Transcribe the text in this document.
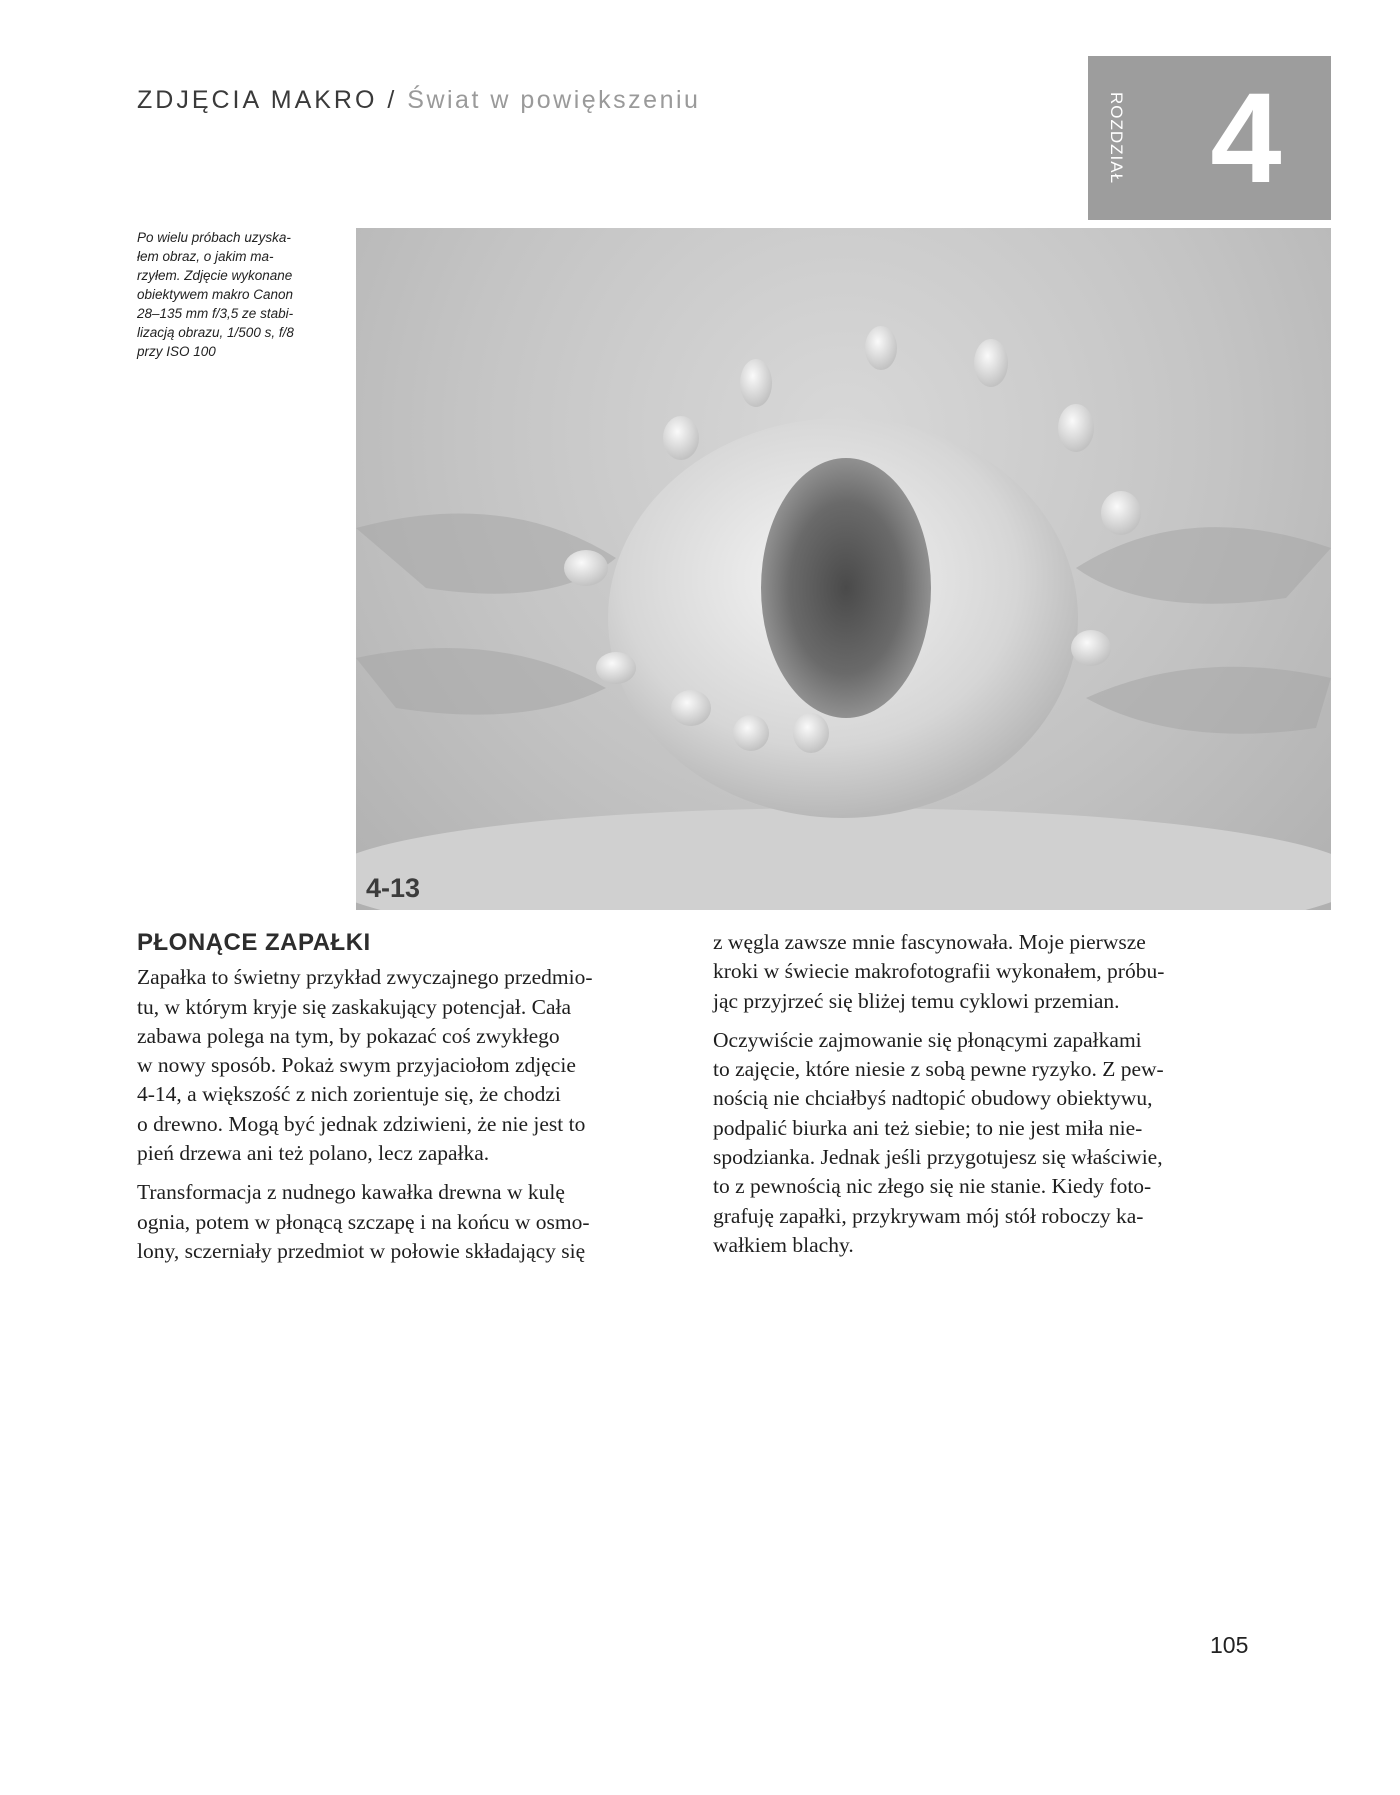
ZDJĘCIA MAKRO / Świat w powiększeniu	ROZDZIAŁ 4
Po wielu próbach uzyska-
łem obraz, o jakim ma-
rzyłem. Zdjęcie wykonane
obiektywem makro Canon
28–135 mm f/3,5 ze stabi-
lizacją obrazu, 1/500 s, f/8
przy ISO 100
4-13
PŁONĄCE ZAPAŁKI

Zapałka to świetny przykład zwyczajnego przedmio-
tu, w którym kryje się zaskakujący potencjał. Cała
zabawa polega na tym, by pokazać coś zwykłego
w nowy sposób. Pokaż swym przyjaciołom zdjęcie
4-14, a większość z nich zorientuje się, że chodzi
o drewno. Mogą być jednak zdziwieni, że nie jest to
pień drzewa ani też polano, lecz zapałka.

Transformacja z nudnego kawałka drewna w kulę
ognia, potem w płonącą szczapę i na końcu w osmo-
lony, sczerniały przedmiot w połowie składający się

z węgla zawsze mnie fascynowała. Moje pierwsze
kroki w świecie makrofotografii wykonałem, próbu-
jąc przyjrzeć się bliżej temu cyklowi przemian.

Oczywiście zajmowanie się płonącymi zapałkami
to zajęcie, które niesie z sobą pewne ryzyko. Z pew-
nością nie chciałbyś nadtopić obudowy obiektywu,
podpalić biurka ani też siebie; to nie jest miła nie-
spodzianka. Jednak jeśli przygotujesz się właściwie,
to z pewnością nic złego się nie stanie. Kiedy foto-
grafuję zapałki, przykrywam mój stół roboczy ka-
wałkiem blachy.

105
